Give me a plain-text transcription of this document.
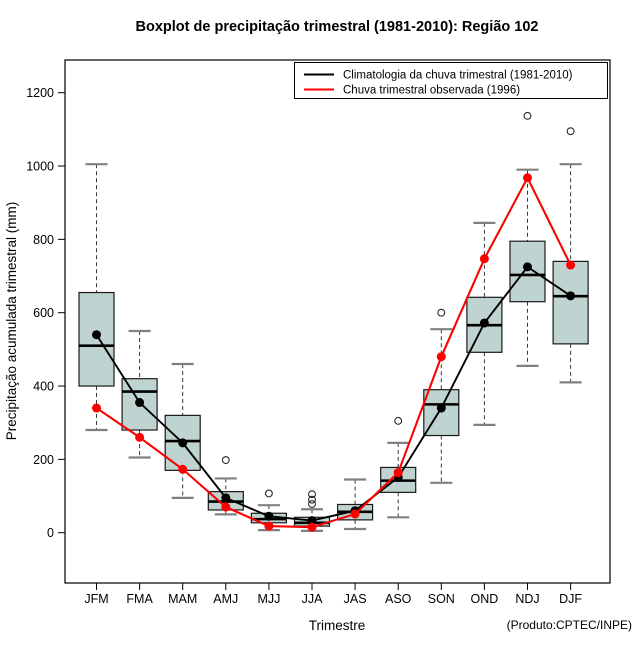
Boxplot de precipitação trimestral (1981-2010): Região 102
Precipitação acumulada trimestral (mm)
Trimestre	(Produto:CPTEC/INPE)
0
200
400
600
800
1000
1200
JFM FMA MAM AMJ MJJ JJA JAS ASO SON OND NDJ DJF
Climatologia da chuva trimestral (1981-2010)
Chuva trimestral observada (1996)
